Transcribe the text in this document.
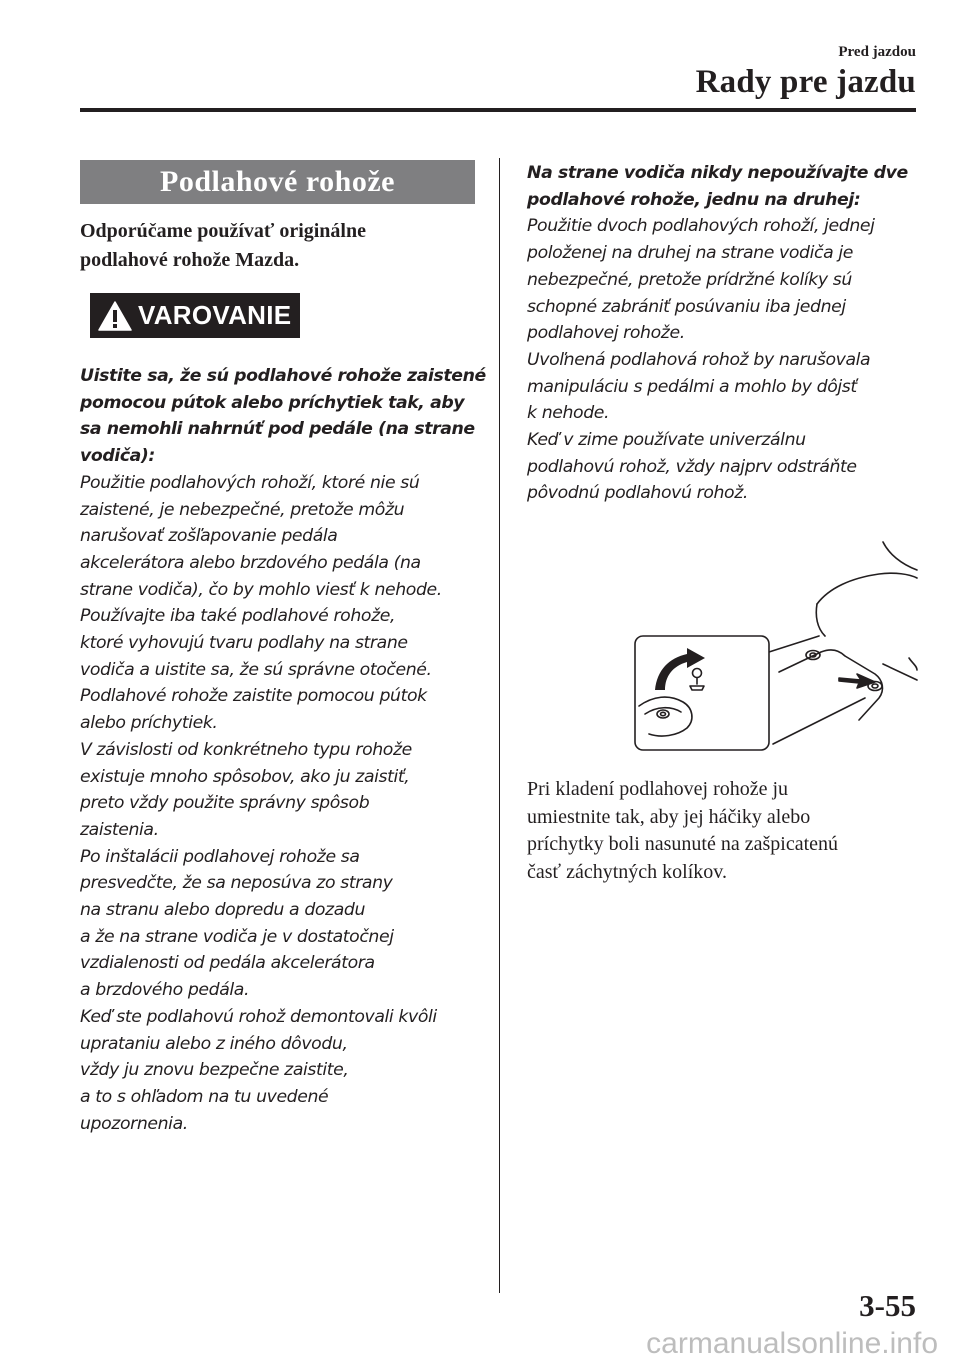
Pred jazdou
Rady pre jazdu
Podlahové rohože
Odporúčame používať originálne
podlahové rohože Mazda.
VAROVANIE
Uistite sa, že sú podlahové rohože zaistené
pomocou pútok alebo príchytiek tak, aby
sa nemohli nahrnúť pod pedále (na strane
vodiča):
Použitie podlahových rohoží, ktoré nie sú
zaistené, je nebezpečné, pretože môžu
narušovať zošľapovanie pedála
akcelerátora alebo brzdového pedála (na
strane vodiča), čo by mohlo viesť k nehode.
Používajte iba také podlahové rohože,
ktoré vyhovujú tvaru podlahy na strane
vodiča a uistite sa, že sú správne otočené.
Podlahové rohože zaistite pomocou pútok
alebo príchytiek.
V závislosti od konkrétneho typu rohože
existuje mnoho spôsobov, ako ju zaistiť,
preto vždy použite správny spôsob
zaistenia.
Po inštalácii podlahovej rohože sa
presvedčte, že sa neposúva zo strany
na stranu alebo dopredu a dozadu
a že na strane vodiča je v dostatočnej
vzdialenosti od pedála akcelerátora
a brzdového pedála.
Keď ste podlahovú rohož demontovali kvôli
uprataniu alebo z iného dôvodu,
vždy ju znovu bezpečne zaistite,
a to s ohľadom na tu uvedené
upozornenia.
Na strane vodiča nikdy nepoužívajte dve
podlahové rohože, jednu na druhej:
Použitie dvoch podlahových rohoží, jednej
položenej na druhej na strane vodiča je
nebezpečné, pretože prídržné kolíky sú
schopné zabrániť posúvaniu iba jednej
podlahovej rohože.
Uvoľnená podlahová rohož by narušovala
manipuláciu s pedálmi a mohlo by dôjsť
k nehode.
Keď v zime používate univerzálnu
podlahovú rohož, vždy najprv odstráňte
pôvodnú podlahovú rohož.
Pri kladení podlahovej rohože ju
umiestnite tak, aby jej háčiky alebo
príchytky boli nasunuté na zašpicatenú
časť záchytných kolíkov.
3-55
carmanualsonline.info
